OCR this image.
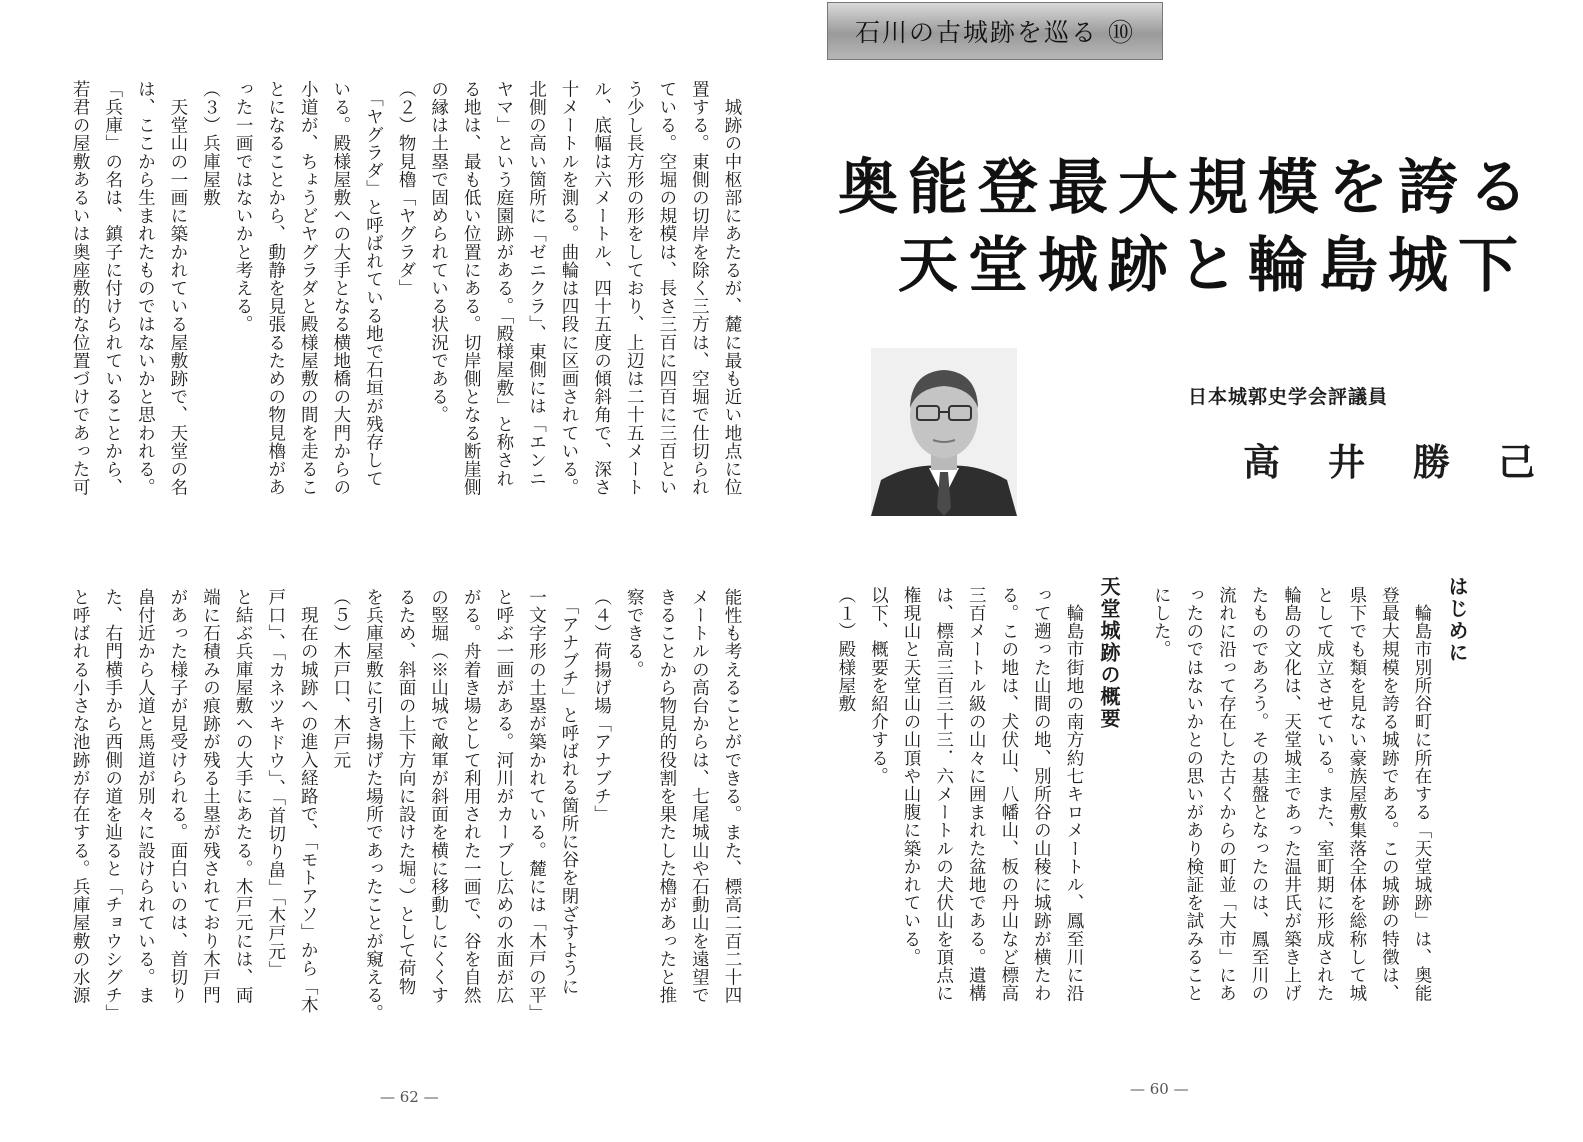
　城跡の中枢部にあたるが、麓に最も近い地点に位
置する。東側の切岸を除く三方は、空堀で仕切られ
ている。空堀の規模は、長さ三百に四百に三百とい
う少し長方形の形をしており、上辺は二十五メート
ル、底幅は六メートル、四十五度の傾斜角で、深さ
十メートルを測る。曲輪は四段に区画されている。
北側の高い箇所に「ゼニクラ」、東側には「エンニ
ヤマ」という庭園跡がある。「殿様屋敷」と称され
る地は、最も低い位置にある。切岸側となる断崖側
の縁は土塁で固められている状況である。
（２）物見櫓「ヤグラダ」
　「ヤグラダ」と呼ばれている地で石垣が残存して
いる。殿様屋敷への大手となる横地橋の大門からの
小道が、ちょうどヤグラダと殿様屋敷の間を走るこ
とになることから、動静を見張るための物見櫓があ
った一画ではないかと考える。
（３）兵庫屋敷
　天堂山の一画に築かれている屋敷跡で、天堂の名
は、ここから生まれたものではないかと思われる。
「兵庫」の名は、鎮子に付けられていることから、
若君の屋敷あるいは奥座敷的な位置づけであった可
能性も考えることができる。また、標高二百二十四
メートルの高台からは、七尾城山や石動山を遠望で
きることから物見的役割を果たした櫓があったと推
察できる。
（４）荷揚げ場「アナブチ」
　「アナブチ」と呼ばれる箇所に谷を閉ざすように
一文字形の土塁が築かれている。麓には「木戸の平」
と呼ぶ一画がある。河川がカーブし広めの水面が広
がる。舟着き場として利用された一画で、谷を自然
の竪堀（※山城で敵軍が斜面を横に移動しにくくす
るため、斜面の上下方向に設けた堀。）として荷物
を兵庫屋敷に引き揚げた場所であったことが窺える。
（５）木戸口、木戸元
　現在の城跡への進入経路で、「モトアソ」から「木
戸口」、「カネツキドウ」、「首切り畠」「木戸元」
と結ぶ兵庫屋敷への大手にあたる。木戸元には、両
端に石積みの痕跡が残る土塁が残されており木戸門
があった様子が見受けられる。面白いのは、首切り
畠付近から人道と馬道が別々に設けられている。ま
た、右門横手から西側の道を辿ると「チョウシグチ」
と呼ばれる小さな池跡が存在する。兵庫屋敷の水源
— 62 —
石川の古城跡を巡る ⑩
奥能登最大規模を誇る
天堂城跡と輪島城下
日本城郭史学会評議員
高井勝己
はじめに
　輪島市別所谷町に所在する「天堂城跡」は、奥能
登最大規模を誇る城跡である。この城跡の特徴は、
県下でも類を見ない豪族屋敷集落全体を総称して城
として成立させている。また、室町期に形成された
輪島の文化は、天堂城主であった温井氏が築き上げ
たものであろう。その基盤となったのは、鳳至川の
流れに沿って存在した古くからの町並「大市」にあ
ったのではないかとの思いがあり検証を試みること
にした。
天堂城跡の概要
　輪島市街地の南方約七キロメートル、鳳至川に沿
って遡った山間の地、別所谷の山稜に城跡が横たわ
る。この地は、犬伏山、八幡山、板の丹山など標高
三百メートル級の山々に囲まれた盆地である。遺構
は、標高三百三十三．六メートルの犬伏山を頂点に
権現山と天堂山の山頂や山腹に築かれている。
以下、概要を紹介する。
（１）殿様屋敷
— 60 —
